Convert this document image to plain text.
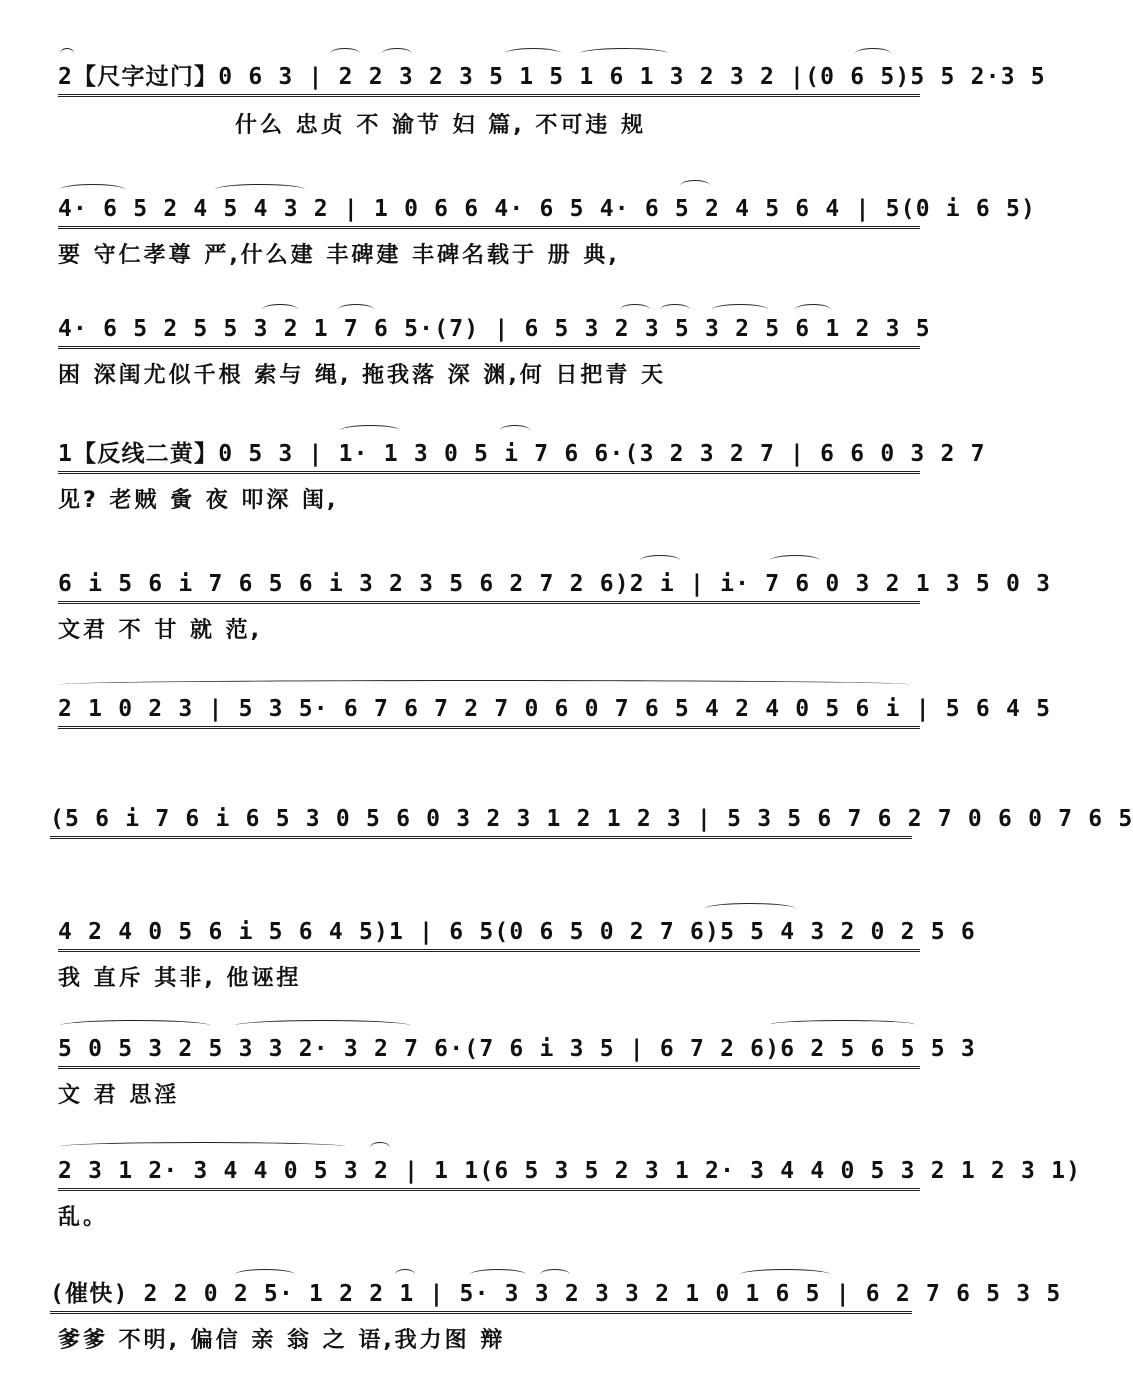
2【尺字过门】0 6 3 | 2 2 3 2 3 5 1 5 1 6 1 3 2 3 2 |(0 6 5)5 5 2·3 5
什么 忠贞 不 渝节 妇 篇, 不可违 规
4· 6 5 2 4 5 4 3 2 | 1 0 6 6 4· 6 5 4· 6 5 2 4 5 6 4 | 5(0 i 6 5)
要 守仁孝尊 严,什么建 丰碑建 丰碑名载于 册 典,
4· 6 5 2 5 5 3 2 1 7 6 5·(7) | 6 5 3 2 3 5 3 2 5 6 1 2 3 5
困 深闺尤似千根 索与 绳, 拖我落 深 渊,何 日把青 天
1【反线二黄】0 5 3 | 1· 1 3 0 5 i 7 6 6·(3 2 3 2 7 | 6 6 0 3 2 7
见? 老贼 夤 夜 叩深 闺,
6 i 5 6 i 7 6 5 6 i 3 2 3 5 6 2 7 2 6)2 i | i· 7 6 0 3 2 1 3 5 0 3
文君 不 甘 就 范,
2 1 0 2 3 | 5 3 5· 6 7 6 7 2 7 0 6 0 7 6 5 4 2 4 0 5 6 i | 5 6 4 5
(5 6 i 7 6 i 6 5 3 0 5 6 0 3 2 3 1 2 1 2 3 | 5 3 5 6 7 6 2 7 0 6 0 7 6 5
4 2 4 0 5 6 i 5 6 4 5)1 | 6 5(0 6 5 0 2 7 6)5 5 4 3 2 0 2 5 6
我 直斥 其非, 他诬捏
5 0 5 3 2 5 3 3 2· 3 2 7 6·(7 6 i 3 5 | 6 7 2 6)6 2 5 6 5 5 3
文 君 思淫
2 3 1 2· 3 4 4 0 5 3 2 | 1 1(6 5 3 5 2 3 1 2· 3 4 4 0 5 3 2 1 2 3 1)
乱。
(催快) 2 2 0 2 5· 1 2 2 1 | 5· 3 3 2 3 3 2 1 0 1 6 5 | 6 2 7 6 5 3 5
爹爹 不明, 偏信 亲 翁 之 语,我力图 辩
